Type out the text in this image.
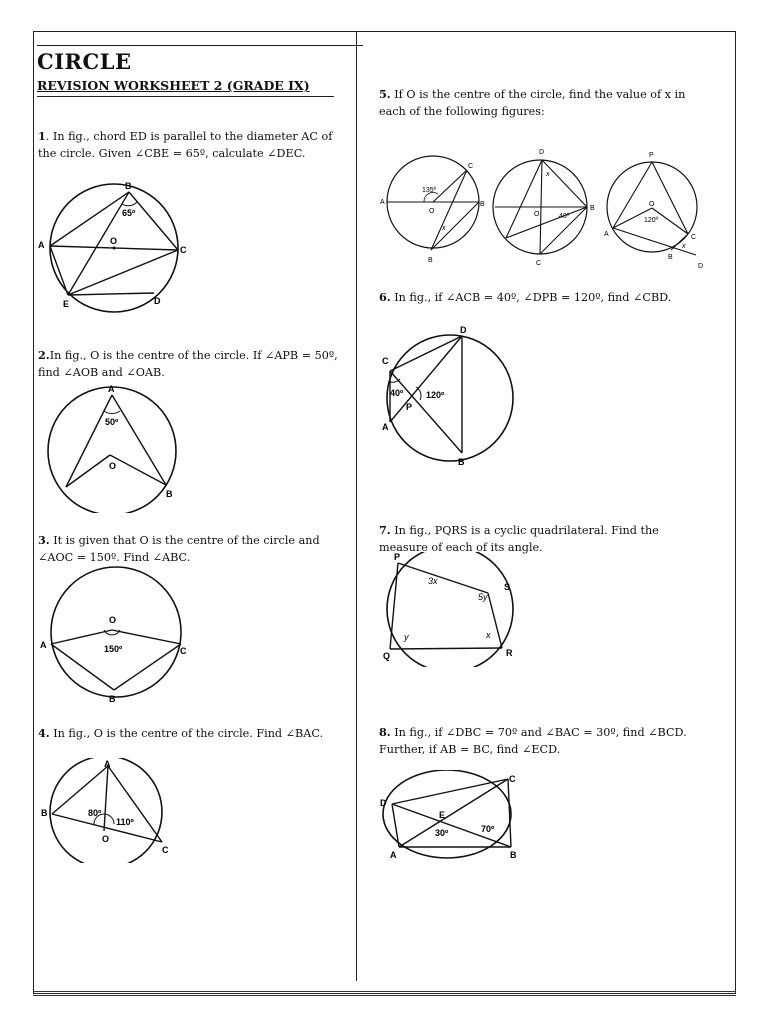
CIRCLE
REVISION WORKSHEET 2 (GRADE IX)
1. In fig., chord ED is parallel to the diameter AC of the circle. Given ∠CBE = 65º, calculate ∠DEC.
B
65º
A	O
C
E	D
2.In fig., O is the centre of the circle. If ∠APB = 50º, find ∠AOB and ∠OAB.
A
50º
O
B
3. It is given that O is the centre of the circle and ∠AOC = 150º. Find ∠ABC.
O
A	150º	C
B
4. In fig., O is the centre of the circle. Find ∠BAC.
A
B	80º
110º
O
C
5. If O is the centre of the circle, find the value of x in each of the following figures:
A
C
135º
O
B
B
x
D
x
O	40º
B
C
P
O
120º
A	C
x
B
D
6. In fig., if ∠ACB = 40º, ∠DPB = 120º, find ∠CBD.
D
C
40º
P
120º
A
B
7. In fig., PQRS is a cyclic quadrilateral. Find the measure of each of its angle.
P
3x
S
5y
y	x
Q	R
8. In fig., if ∠DBC = 70º and ∠BAC = 30º, find ∠BCD. Further, if AB = BC, find ∠ECD.
C
D
E
30º	70º
A	B
